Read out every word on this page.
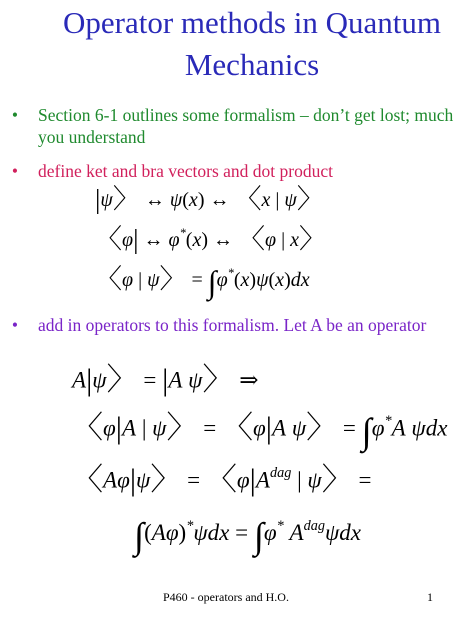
Operator methods in Quantum
Mechanics
• Section 6-1 outlines some formalism – don’t get lost; much you understand
• define ket and bra vectors and dot product
|ψ〉 ↔ ψ(x) ↔ 〈x | ψ〉
〈φ| ↔ φ*(x) ↔ 〈φ | x〉
〈φ | ψ〉 = ∫φ*(x)ψ(x)dx
• add in operators to this formalism. Let A be an operator
A|ψ〉 = |A ψ〉 ⇒
〈φ|A | ψ〉 = 〈φ|A ψ〉 = ∫φ*A ψdx
〈Aφ|ψ〉 = 〈$\varphi|A^{dag}$ | ψ〉 =
∫(Aφ)*ψdx = ∫φ* $A^{dag}\psi dx$
P460 - operators and H.O.	1
